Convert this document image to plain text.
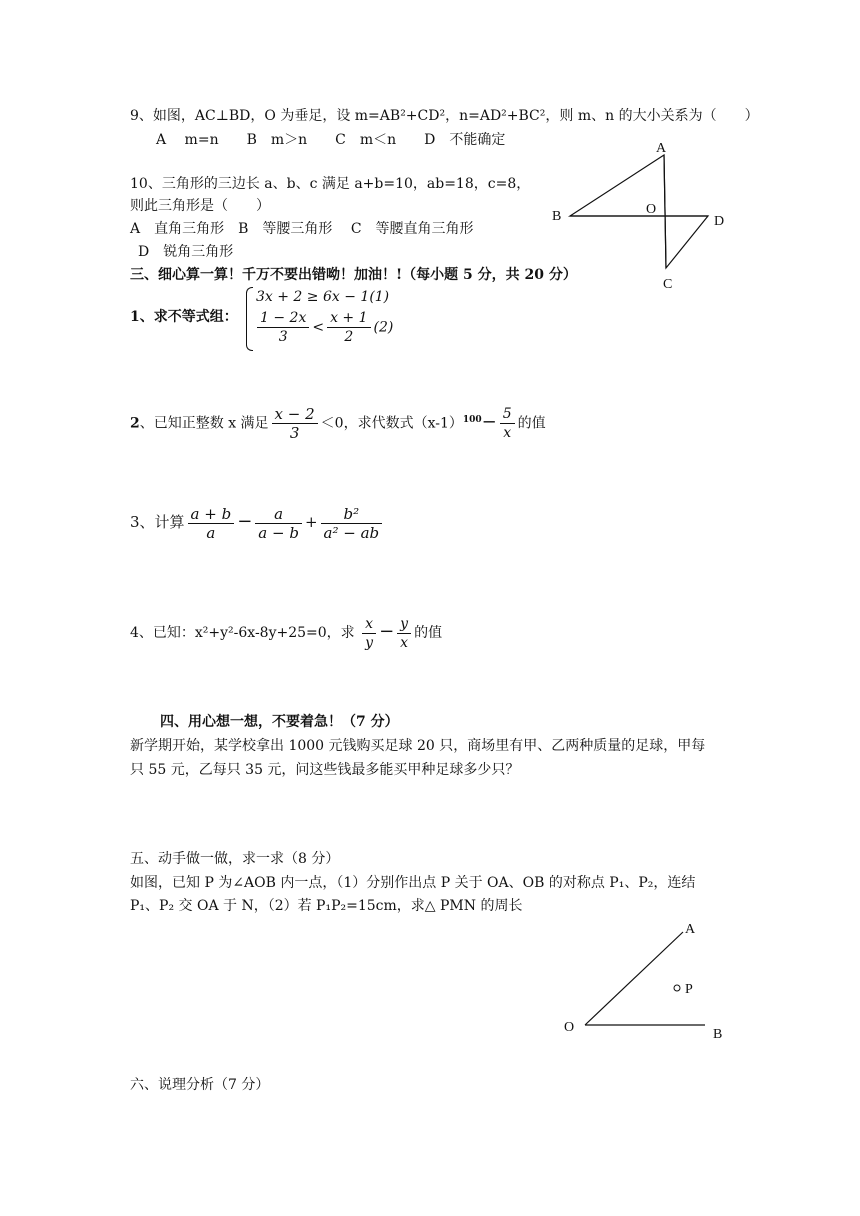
9、如图，AC⊥BD，O 为垂足，设 m=AB²+CD²，n=AD²+BC²，则 m、n 的大小关系为（　　）
A　 m=n　　B　m＞n　　C　m＜n　　D　不能确定
10、三角形的三边长 a、b、c 满足 a+b=10，ab=18，c=8，
则此三角形是（　　）
A　直角三角形　B　等腰三角形　 C　等腰直角三角形
D　锐角三角形
A
B
C
D
O
三、细心算一算！千万不要出错呦！加油！!（每小题 5 分，共 20 分）
1、求不等式组：
3x + 2 ≥ 6x − 1(1)
$\frac{1 - 2x}{3} < \frac{x + 1}{2} (2)$
2、已知正整数 x 满足 $\frac{x - 2}{3} <0$，求代数式$(x-1)^{100}- \frac{5}{x}$ 的值
3、计算 $\frac{a + b}{a} - \frac{a}{a - b} + \frac{\text{b²}}{\text{a² − ab}}$
4、已知：x²+y²-6x-8y+25=0，求 $\frac{x}{y} - \frac{y}{x}$ 的值
四、用心想一想，不要着急！（7 分）
新学期开始，某学校拿出 1000 元钱购买足球 20 只，商场里有甲、乙两种质量的足球，甲每
只 55 元，乙每只 35 元，问这些钱最多能买甲种足球多少只？
五、动手做一做，求一求（8 分）
如图，已知 P 为∠AOB 内一点，（1）分别作出点 P 关于 OA、OB 的对称点 P₁、P₂，连结
P₁、P₂ 交 OA 于 N，（2）若 P₁P₂=15cm，求△ PMN 的周长
A
O	B
P
六、说理分析（7 分）
